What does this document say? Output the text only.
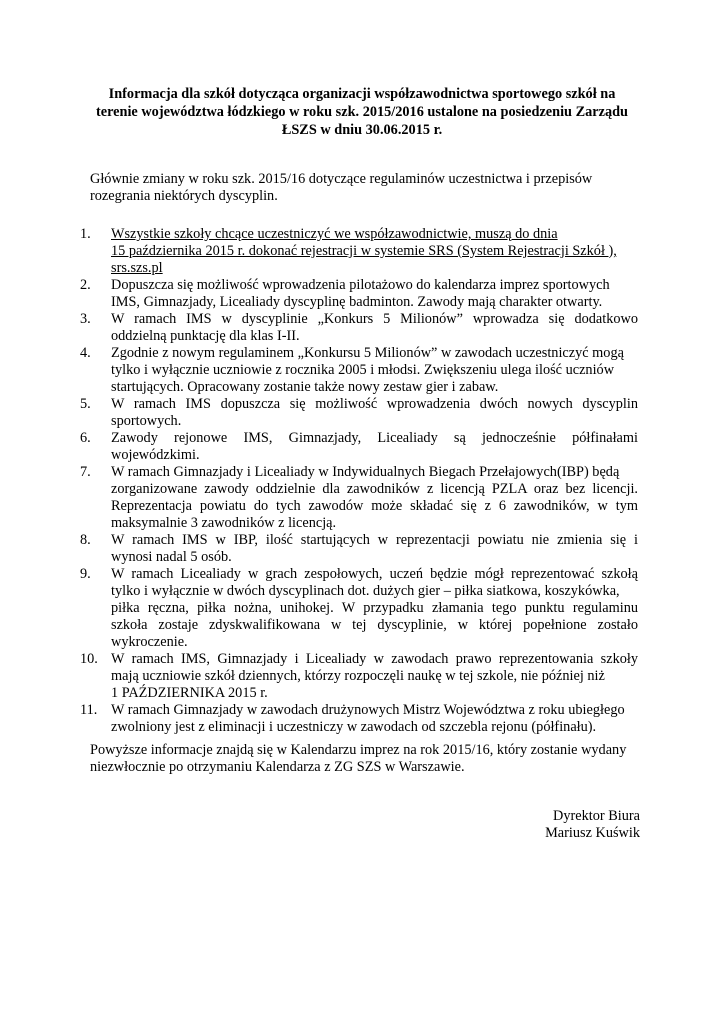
Informacja dla szkół dotycząca organizacji współzawodnictwa sportowego szkół na
terenie województwa łódzkiego w roku szk. 2015/2016 ustalone na posiedzeniu Zarządu
ŁSZS w dniu 30.06.2015 r.
Głównie zmiany w roku szk. 2015/16 dotyczące regulaminów uczestnictwa i przepisów
rozegrania niektórych dyscyplin.
1.	Wszystkie szkoły chcące uczestniczyć we współzawodnictwie, muszą do dnia
15 października 2015 r. dokonać rejestracji w systemie SRS (System Rejestracji Szkół ),
srs.szs.pl
2.	Dopuszcza się możliwość wprowadzenia pilotażowo do kalendarza imprez sportowych
IMS, Gimnazjady, Licealiady dyscyplinę badminton. Zawody mają charakter otwarty.
3.	W ramach IMS w dyscyplinie „Konkurs 5 Milionów” wprowadza się dodatkowo
oddzielną punktację dla klas I-II.
4.	Zgodnie z nowym regulaminem „Konkursu 5 Milionów” w zawodach uczestniczyć mogą
tylko i wyłącznie uczniowie z rocznika 2005 i młodsi. Zwiększeniu ulega ilość uczniów
startujących. Opracowany zostanie także nowy zestaw gier i zabaw.
5.	W ramach IMS dopuszcza się możliwość wprowadzenia dwóch nowych dyscyplin
sportowych.
6.	Zawody rejonowe IMS, Gimnazjady, Licealiady są jednocześnie półfinałami
wojewódzkimi.
7.	W ramach Gimnazjady i Licealiady w Indywidualnych Biegach Przełajowych(IBP) będą
zorganizowane zawody oddzielnie dla zawodników z licencją PZLA oraz bez licencji.
Reprezentacja powiatu do tych zawodów może składać się z 6 zawodników, w tym
maksymalnie 3 zawodników z licencją.
8.	W ramach IMS w IBP, ilość startujących w reprezentacji powiatu nie zmienia się i
wynosi nadal 5 osób.
9.	W ramach Licealiady w grach zespołowych, uczeń będzie mógł reprezentować szkołą
tylko i wyłącznie w dwóch dyscyplinach dot. dużych gier – piłka siatkowa, koszykówka,
piłka ręczna, piłka nożna, unihokej. W przypadku złamania tego punktu regulaminu
szkoła zostaje zdyskwalifikowana w tej dyscyplinie, w której popełnione zostało
wykroczenie.
10. W ramach IMS, Gimnazjady i Licealiady w zawodach prawo reprezentowania szkoły
mają uczniowie szkół dziennych, którzy rozpoczęli naukę w tej szkole, nie później niż
1 PAŹDZIERNIKA 2015 r.
11. W ramach Gimnazjady w zawodach drużynowych Mistrz Województwa z roku ubiegłego
zwolniony jest z eliminacji i uczestniczy w zawodach od szczebla rejonu (półfinału).
Powyższe informacje znajdą się w Kalendarzu imprez na rok 2015/16, który zostanie wydany
niezwłocznie po otrzymaniu Kalendarza z ZG SZS w Warszawie.
Dyrektor Biura
Mariusz Kuświk
